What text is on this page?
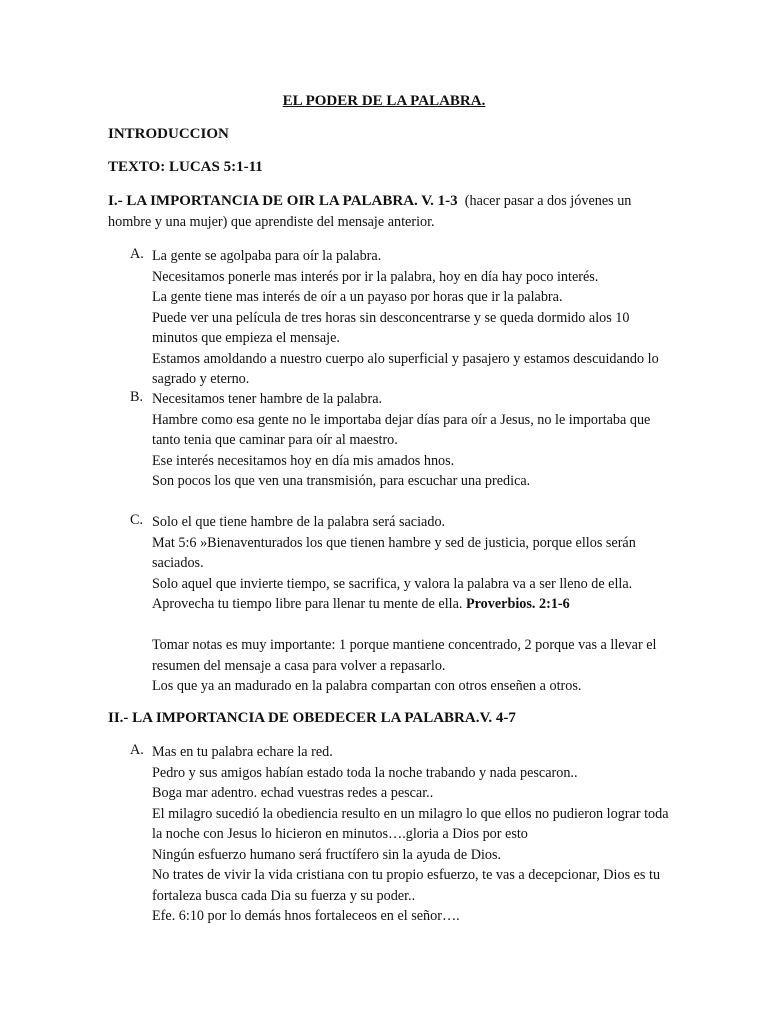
EL PODER DE LA PALABRA.

INTRODUCCION

TEXTO: LUCAS 5:1-11

I.- LA IMPORTANCIA DE OIR LA PALABRA. V. 1-3 (hacer pasar a dos jóvenes un hombre y una mujer) que aprendiste del mensaje anterior.

A. La gente se agolpaba para oír la palabra.
Necesitamos ponerle mas interés por ir la palabra, hoy en día hay poco interés.
La gente tiene mas interés de oír a un payaso por horas que ir la palabra.
Puede ver una película de tres horas sin desconcentrarse y se queda dormido alos 10 minutos que empieza el mensaje.
Estamos amoldando a nuestro cuerpo alo superficial y pasajero y estamos descuidando lo sagrado y eterno.
B. Necesitamos tener hambre de la palabra.
Hambre como esa gente no le importaba dejar días para oír a Jesus, no le importaba que tanto tenia que caminar para oír al maestro.
Ese interés necesitamos hoy en día mis amados hnos.
Son pocos los que ven una transmisión, para escuchar una predica.
C. Solo el que tiene hambre de la palabra será saciado.
Mat 5:6 »Bienaventurados los que tienen hambre y sed de justicia, porque ellos serán saciados.
Solo aquel que invierte tiempo, se sacrifica, y valora la palabra va a ser lleno de ella. Aprovecha tu tiempo libre para llenar tu mente de ella. Proverbios. 2:1-6
Tomar notas es muy importante: 1 porque mantiene concentrado, 2 porque vas a llevar el resumen del mensaje a casa para volver a repasarlo.
Los que ya an madurado en la palabra compartan con otros enseñen a otros.

II.- LA IMPORTANCIA DE OBEDECER LA PALABRA.V. 4-7

A. Mas en tu palabra echare la red.
Pedro y sus amigos habían estado toda la noche trabando y nada pescaron..
Boga mar adentro. echad vuestras redes a pescar..
El milagro sucedió la obediencia resulto en un milagro lo que ellos no pudieron lograr toda la noche con Jesus lo hicieron en minutos….gloria a Dios por esto
Ningún esfuerzo humano será fructífero sin la ayuda de Dios.
No trates de vivir la vida cristiana con tu propio esfuerzo, te vas a decepcionar, Dios es tu fortaleza busca cada Dia su fuerza y su poder..
Efe. 6:10 por lo demás hnos fortaleceos en el señor….
